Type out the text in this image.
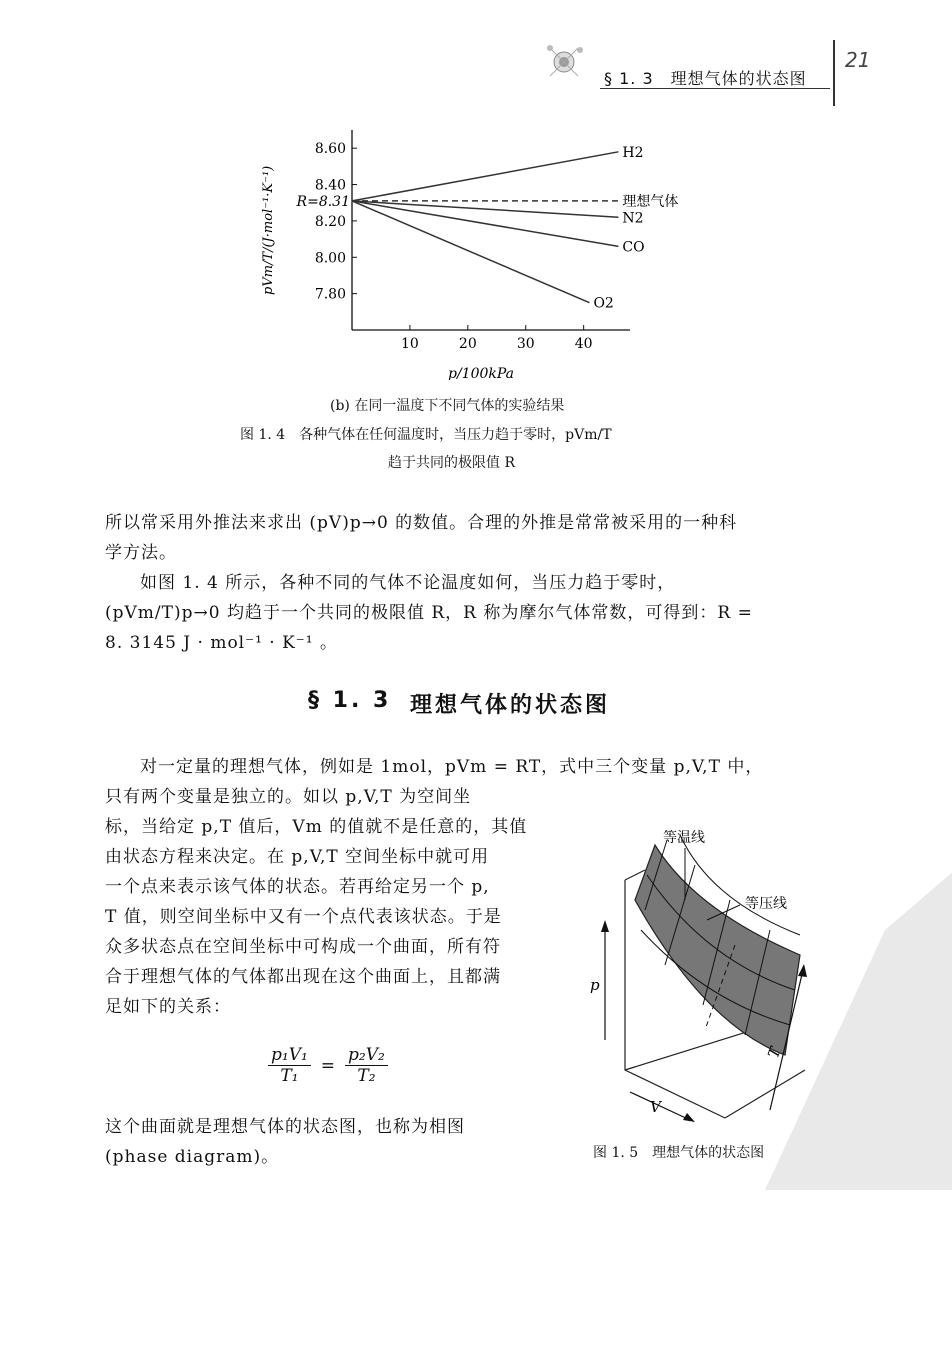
§ 1. 3　理想气体的状态图
21
7.80
8.00
8.20
8.40
8.60
R=8.31
10	20	30	40
p/100kPa
pVm/T/(J·mol⁻¹·K⁻¹)
H2
理想气体
N2
CO
O2
(b) 在同一温度下不同气体的实验结果
图 1. 4　各种气体在任何温度时，当压力趋于零时，pVm/T
趋于共同的极限值 R
所以常采用外推法来求出 (pV)p→0 的数值。合理的外推是常常被采用的一种科
学方法。
如图 1. 4 所示，各种不同的气体不论温度如何，当压力趋于零时，
(pVm/T)p→0 均趋于一个共同的极限值 R，R 称为摩尔气体常数，可得到：R =
8. 3145 J · mol⁻¹ · K⁻¹ 。
§ 1. 3 理想气体的状态图
对一定量的理想气体，例如是 1mol，pVm = RT，式中三个变量 p,V,T 中，
只有两个变量是独立的。如以 p,V,T 为空间坐
标，当给定 p,T 值后，Vm 的值就不是任意的，其值
由状态方程来决定。在 p,V,T 空间坐标中就可用
一个点来表示该气体的状态。若再给定另一个 p,
T 值，则空间坐标中又有一个点代表该状态。于是
众多状态点在空间坐标中可构成一个曲面，所有符
合于理想气体的气体都出现在这个曲面上，且都满
足如下的关系：
$\frac{\text{p₁V₁}}{\text{T₁}} = \frac{\text{p₂V₂}}{\text{T₂}}$
这个曲面就是理想气体的状态图，也称为相图
(phase diagram)。
等温线
等压线
p
V
T
图 1. 5　理想气体的状态图
